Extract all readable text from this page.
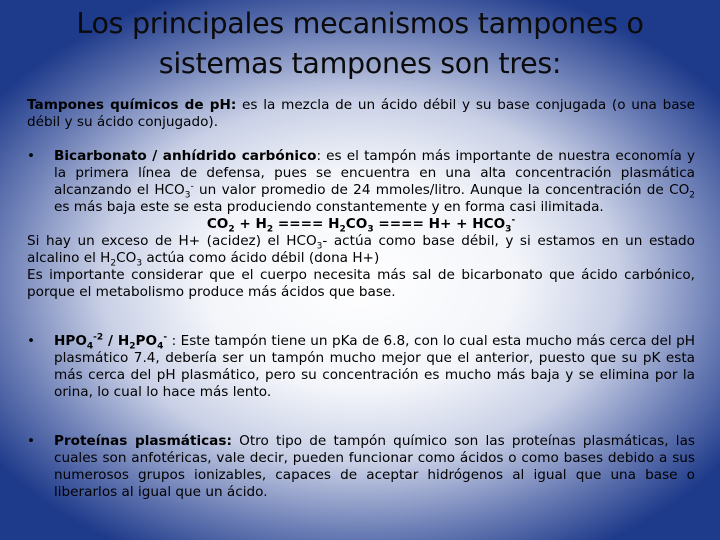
Los principales mecanismos tampones o sistemas tampones son tres:

Tampones químicos de pH: es la mezcla de un ácido débil y su base conjugada (o una base débil y su ácido conjugado).

• Bicarbonato / anhídrido carbónico: es el tampón más importante de nuestra economía y la primera línea de defensa, pues se encuentra en una alta concentración plasmática alcanzando el $HCO_3^-$ un valor promedio de 24 mmoles/litro. Aunque la concentración de $CO_2$ es más baja este se esta produciendo constantemente y en forma casi ilimitada.

$CO_2 + H_2$ ==== $H_2CO_3$ ==== $H+ + HCO_3^-$

Si hay un exceso de H+ (acidez) el $HCO_3-$ actúa como base débil, y si estamos en un estado alcalino el $H_2CO_3$ actúa como ácido débil (dona H+)

Es importante considerar que el cuerpo necesita más sal de bicarbonato que ácido carbónico, porque el metabolismo produce más ácidos que base.

• $HPO_4^{-2} / H_2PO_4^-$ : Este tampón tiene un pKa de 6.8, con lo cual esta mucho más cerca del pH plasmático 7.4, debería ser un tampón mucho mejor que el anterior, puesto que su pK esta más cerca del pH plasmático, pero su concentración es mucho más baja y se elimina por la orina, lo cual lo hace más lento.

• Proteínas plasmáticas: Otro tipo de tampón químico son las proteínas plasmáticas, las cuales son anfotéricas, vale decir, pueden funcionar como ácidos o como bases debido a sus numerosos grupos ionizables, capaces de aceptar hidrógenos al igual que una base o liberarlos al igual que un ácido.
